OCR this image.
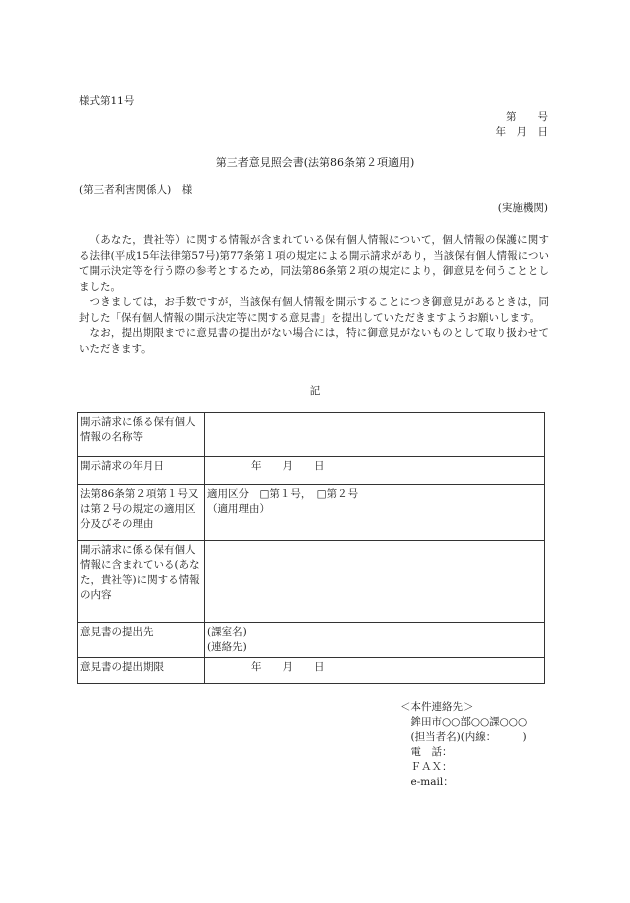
様式第11号
第　　号
年　月　日
第三者意見照会書(法第86条第２項適用)
(第三者利害関係人)　様
(実施機関)

（あなた，貴社等）に関する情報が含まれている保有個人情報について，個人情報の保護に関する法律(平成15年法律第57号)第77条第１項の規定による開示請求があり，当該保有個人情報について開示決定等を行う際の参考とするため，同法第86条第２項の規定により，御意見を伺うこととしました。

つきましては，お手数ですが，当該保有個人情報を開示することにつき御意見があるときは，同封した「保有個人情報の開示決定等に関する意見書」を提出していただきますようお願いします。

なお，提出期限までに意見書の提出がない場合には，特に御意見がないものとして取り扱わせていただきます。

記
開示請求に係る保有個人情報の名称等	
開示請求の年月日	年　　月　　日
法第86条第２項第１号又は第２号の規定の適用区分及びその理由	適用区分　□第１号，　□第２号
（適用理由）

開示請求に係る保有個人情報に含まれている(あなた，貴社等)に関する情報の内容	
意見書の提出先	(課室名)
(連絡先)

意見書の提出期限	年　　月　　日
＜本件連絡先＞
　鉾田市○○部○○課○○○
　(担当者名)(内線：　　　)
　電　話：
　ＦＡＸ：
　e-mail：
